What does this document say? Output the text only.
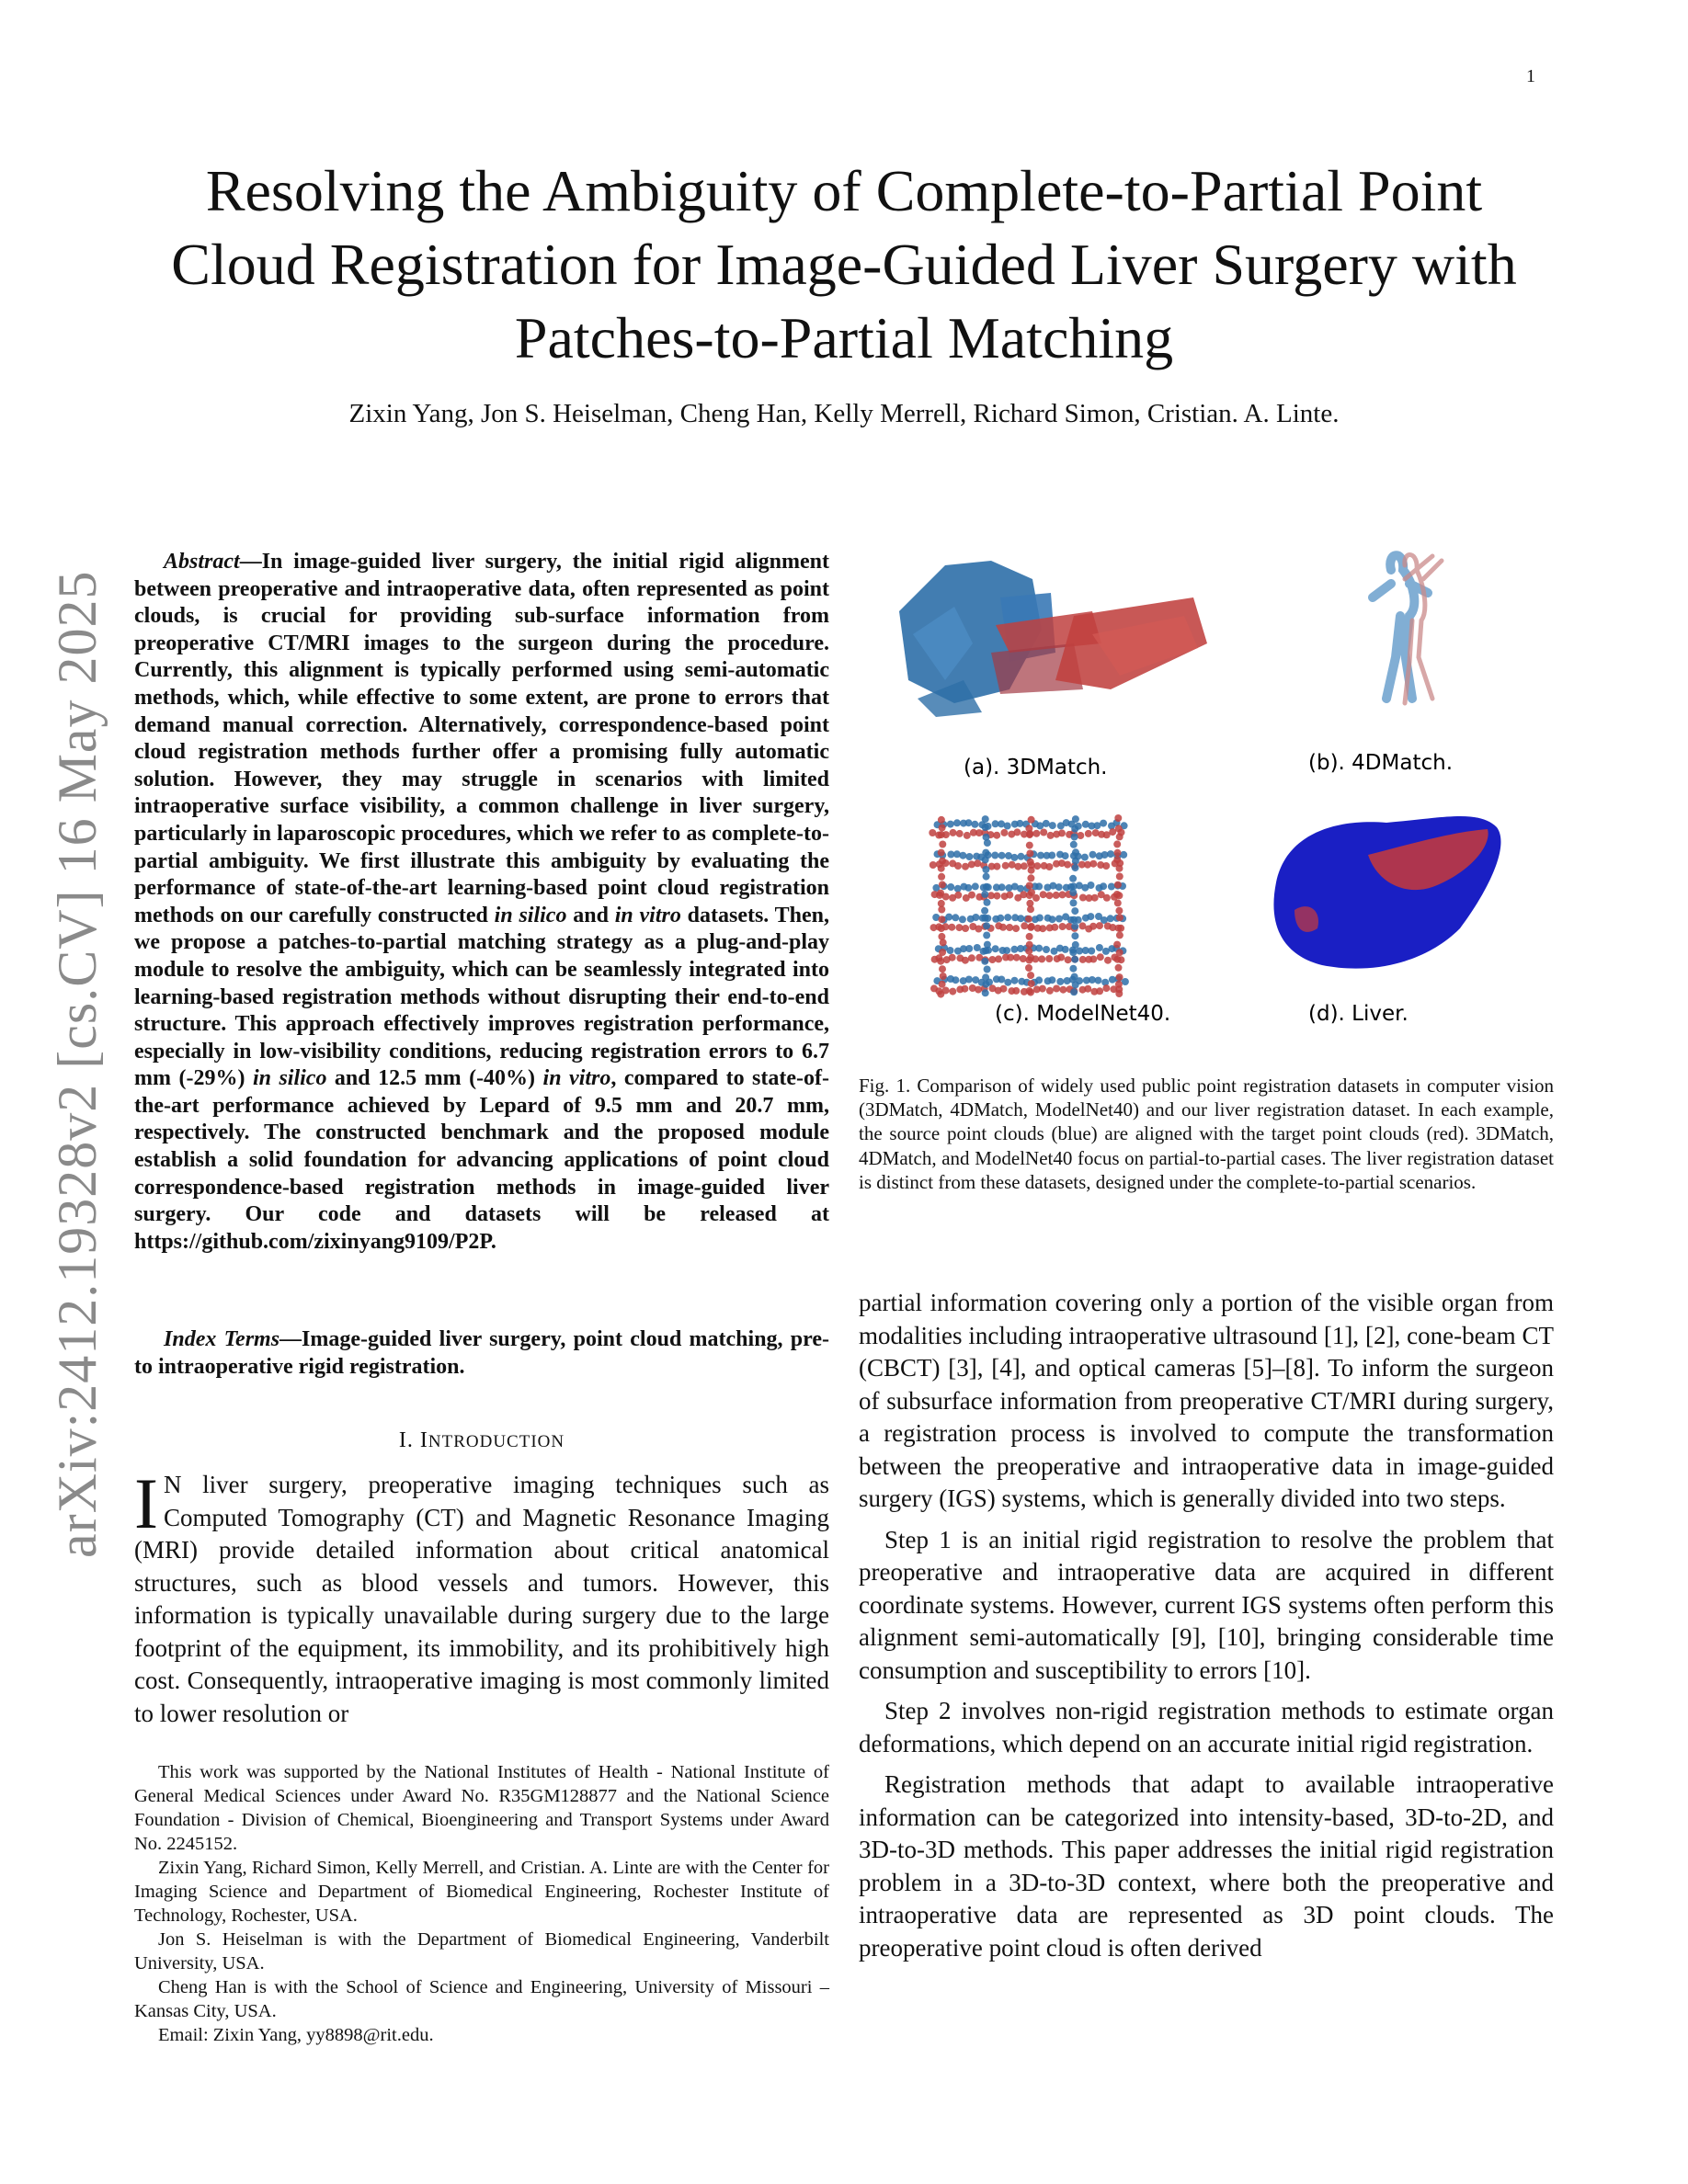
1
arXiv:2412.19328v2 [cs.CV] 16 May 2025
Resolving the Ambiguity of Complete-to-Partial Point Cloud Registration for Image-Guided Liver Surgery with Patches-to-Partial Matching
Zixin Yang, Jon S. Heiselman, Cheng Han, Kelly Merrell, Richard Simon, Cristian. A. Linte.

Abstract—In image-guided liver surgery, the initial rigid alignment between preoperative and intraoperative data, often represented as point clouds, is crucial for providing sub-surface information from preoperative CT/MRI images to the surgeon during the procedure. Currently, this alignment is typically performed using semi-automatic methods, which, while effective to some extent, are prone to errors that demand manual correction. Alternatively, correspondence-based point cloud registration methods further offer a promising fully automatic solution. However, they may struggle in scenarios with limited intraoperative surface visibility, a common challenge in liver surgery, particularly in laparoscopic procedures, which we refer to as complete-to-partial ambiguity. We first illustrate this ambiguity by evaluating the performance of state-of-the-art learning-based point cloud registration methods on our carefully constructed in silico and in vitro datasets. Then, we propose a patches-to-partial matching strategy as a plug-and-play module to resolve the ambiguity, which can be seamlessly integrated into learning-based registration methods without disrupting their end-to-end structure. This approach effectively improves registration performance, especially in low-visibility conditions, reducing registration errors to 6.7 mm (-29%) in silico and 12.5 mm (-40%) in vitro, compared to state-of-the-art performance achieved by Lepard of 9.5 mm and 20.7 mm, respectively. The constructed benchmark and the proposed module establish a solid foundation for advancing applications of point cloud correspondence-based registration methods in image-guided liver surgery. Our code and datasets will be released at https://github.com/zixinyang9109/P2P.

Index Terms—Image-guided liver surgery, point cloud matching, pre- to intraoperative rigid registration.

I. INTRODUCTION

I N liver surgery, preoperative imaging techniques such as Computed Tomography (CT) and Magnetic Resonance Imaging (MRI) provide detailed information about critical anatomical structures, such as blood vessels and tumors. However, this information is typically unavailable during surgery due to the large footprint of the equipment, its immobility, and its prohibitively high cost. Consequently, intraoperative imaging is most commonly limited to lower resolution or

This work was supported by the National Institutes of Health - National Institute of General Medical Sciences under Award No. R35GM128877 and the National Science Foundation - Division of Chemical, Bioengineering and Transport Systems under Award No. 2245152.

Zixin Yang, Richard Simon, Kelly Merrell, and Cristian. A. Linte are with the Center for Imaging Science and Department of Biomedical Engineering, Rochester Institute of Technology, Rochester, USA.

Jon S. Heiselman is with the Department of Biomedical Engineering, Vanderbilt University, USA.

Cheng Han is with the School of Science and Engineering, University of Missouri – Kansas City, USA.

Email: Zixin Yang, yy8898@rit.edu.

(a). 3DMatch.	(b). 4DMatch.
(c). ModelNet40.	(d). Liver.

Fig. 1. Comparison of widely used public point registration datasets in computer vision (3DMatch, 4DMatch, ModelNet40) and our liver registration dataset. In each example, the source point clouds (blue) are aligned with the target point clouds (red). 3DMatch, 4DMatch, and ModelNet40 focus on partial-to-partial cases. The liver registration dataset is distinct from these datasets, designed under the complete-to-partial scenarios.

partial information covering only a portion of the visible organ from modalities including intraoperative ultrasound [1], [2], cone-beam CT (CBCT) [3], [4], and optical cameras [5]–[8]. To inform the surgeon of subsurface information from preoperative CT/MRI during surgery, a registration process is involved to compute the transformation between the preoperative and intraoperative data in image-guided surgery (IGS) systems, which is generally divided into two steps.

Step 1 is an initial rigid registration to resolve the problem that preoperative and intraoperative data are acquired in different coordinate systems. However, current IGS systems often perform this alignment semi-automatically [9], [10], bringing considerable time consumption and susceptibility to errors [10].

Step 2 involves non-rigid registration methods to estimate organ deformations, which depend on an accurate initial rigid registration.

Registration methods that adapt to available intraoperative information can be categorized into intensity-based, 3D-to-2D, and 3D-to-3D methods. This paper addresses the initial rigid registration problem in a 3D-to-3D context, where both the preoperative and intraoperative data are represented as 3D point clouds. The preoperative point cloud is often derived
